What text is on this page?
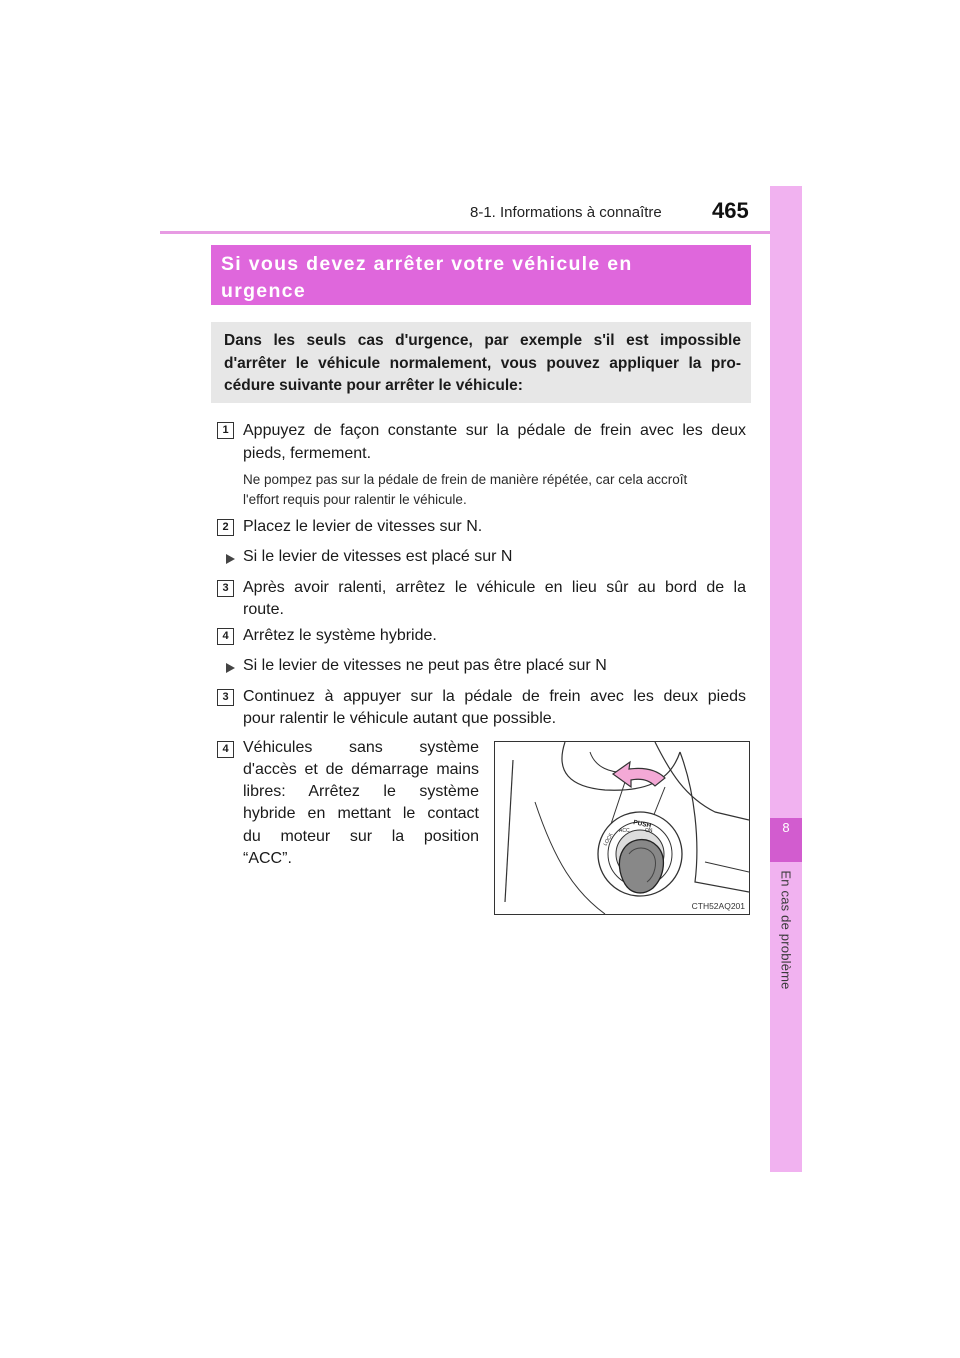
8-1. Informations à connaître 465
8
En cas de problème
Si vous devez arrêter votre véhicule en
urgence
Dans les seuls cas d'urgence, par exemple s'il est impossible
d'arrêter le véhicule normalement, vous pouvez appliquer la pro-
cédure suivante pour arrêter le véhicule:
1 Appuyez de façon constante sur la pédale de frein avec les deux
pieds, fermement.
Ne pompez pas sur la pédale de frein de manière répétée, car cela accroît
l'effort requis pour ralentir le véhicule.
2 Placez le levier de vitesses sur N.
Si le levier de vitesses est placé sur N
3 Après avoir ralenti, arrêtez le véhicule en lieu sûr au bord de la
route.
4 Arrêtez le système hybride.
Si le levier de vitesses ne peut pas être placé sur N
3 Continuez à appuyer sur la pédale de frein avec les deux pieds
pour ralentir le véhicule autant que possible.
4 Véhicules sans système
d'accès et de démarrage mains
libres: Arrêtez le système
hybride en mettant le contact
du moteur sur la position
“ACC”.
PUSH
ACC	ON
LOCK
CTH52AQ201
